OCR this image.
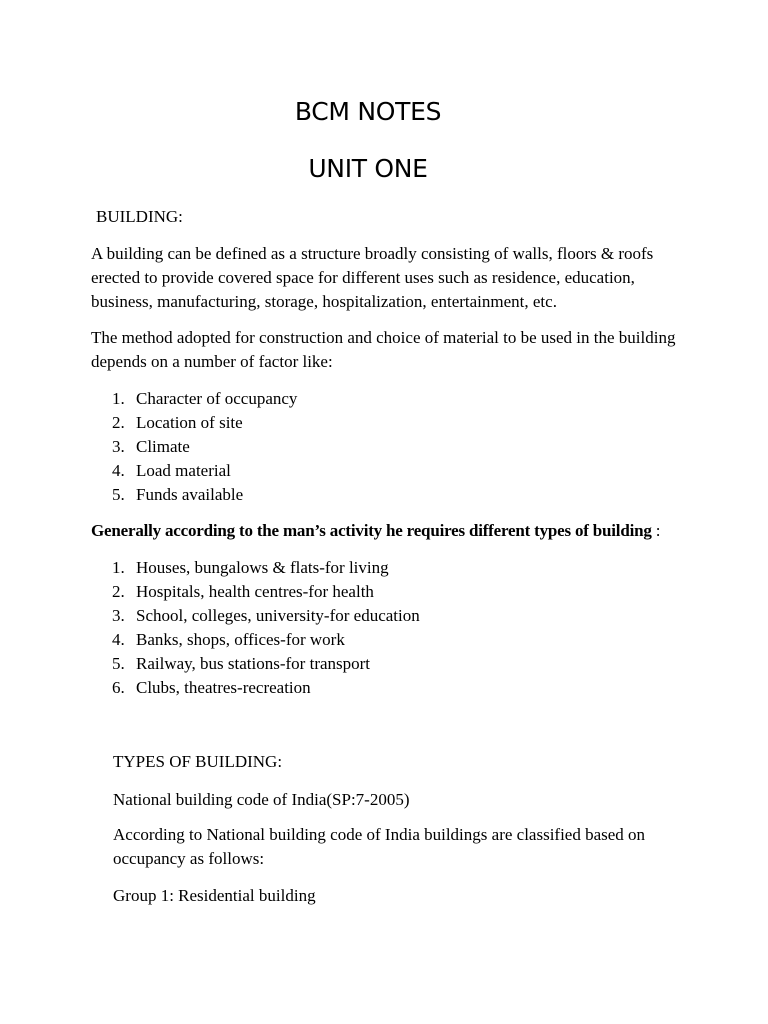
BCM NOTES
UNIT ONE
BUILDING:
A building can be defined as a structure broadly consisting of walls, floors & roofs erected to provide covered space for different uses such as residence, education, business, manufacturing, storage, hospitalization, entertainment, etc.
The method adopted for construction and choice of material to be used in the building depends on a number of factor like:
1. Character of occupancy
2. Location of site
3. Climate
4. Load material
5. Funds available
Generally according to the man’s activity he requires different types of building :
1. Houses, bungalows & flats-for living
2. Hospitals, health centres-for health
3. School, colleges, university-for education
4. Banks, shops, offices-for work
5. Railway, bus stations-for transport
6. Clubs, theatres-recreation
TYPES OF BUILDING:
National building code of India(SP:7-2005)
According to National building code of India buildings are classified based on occupancy as follows:
Group 1: Residential building
